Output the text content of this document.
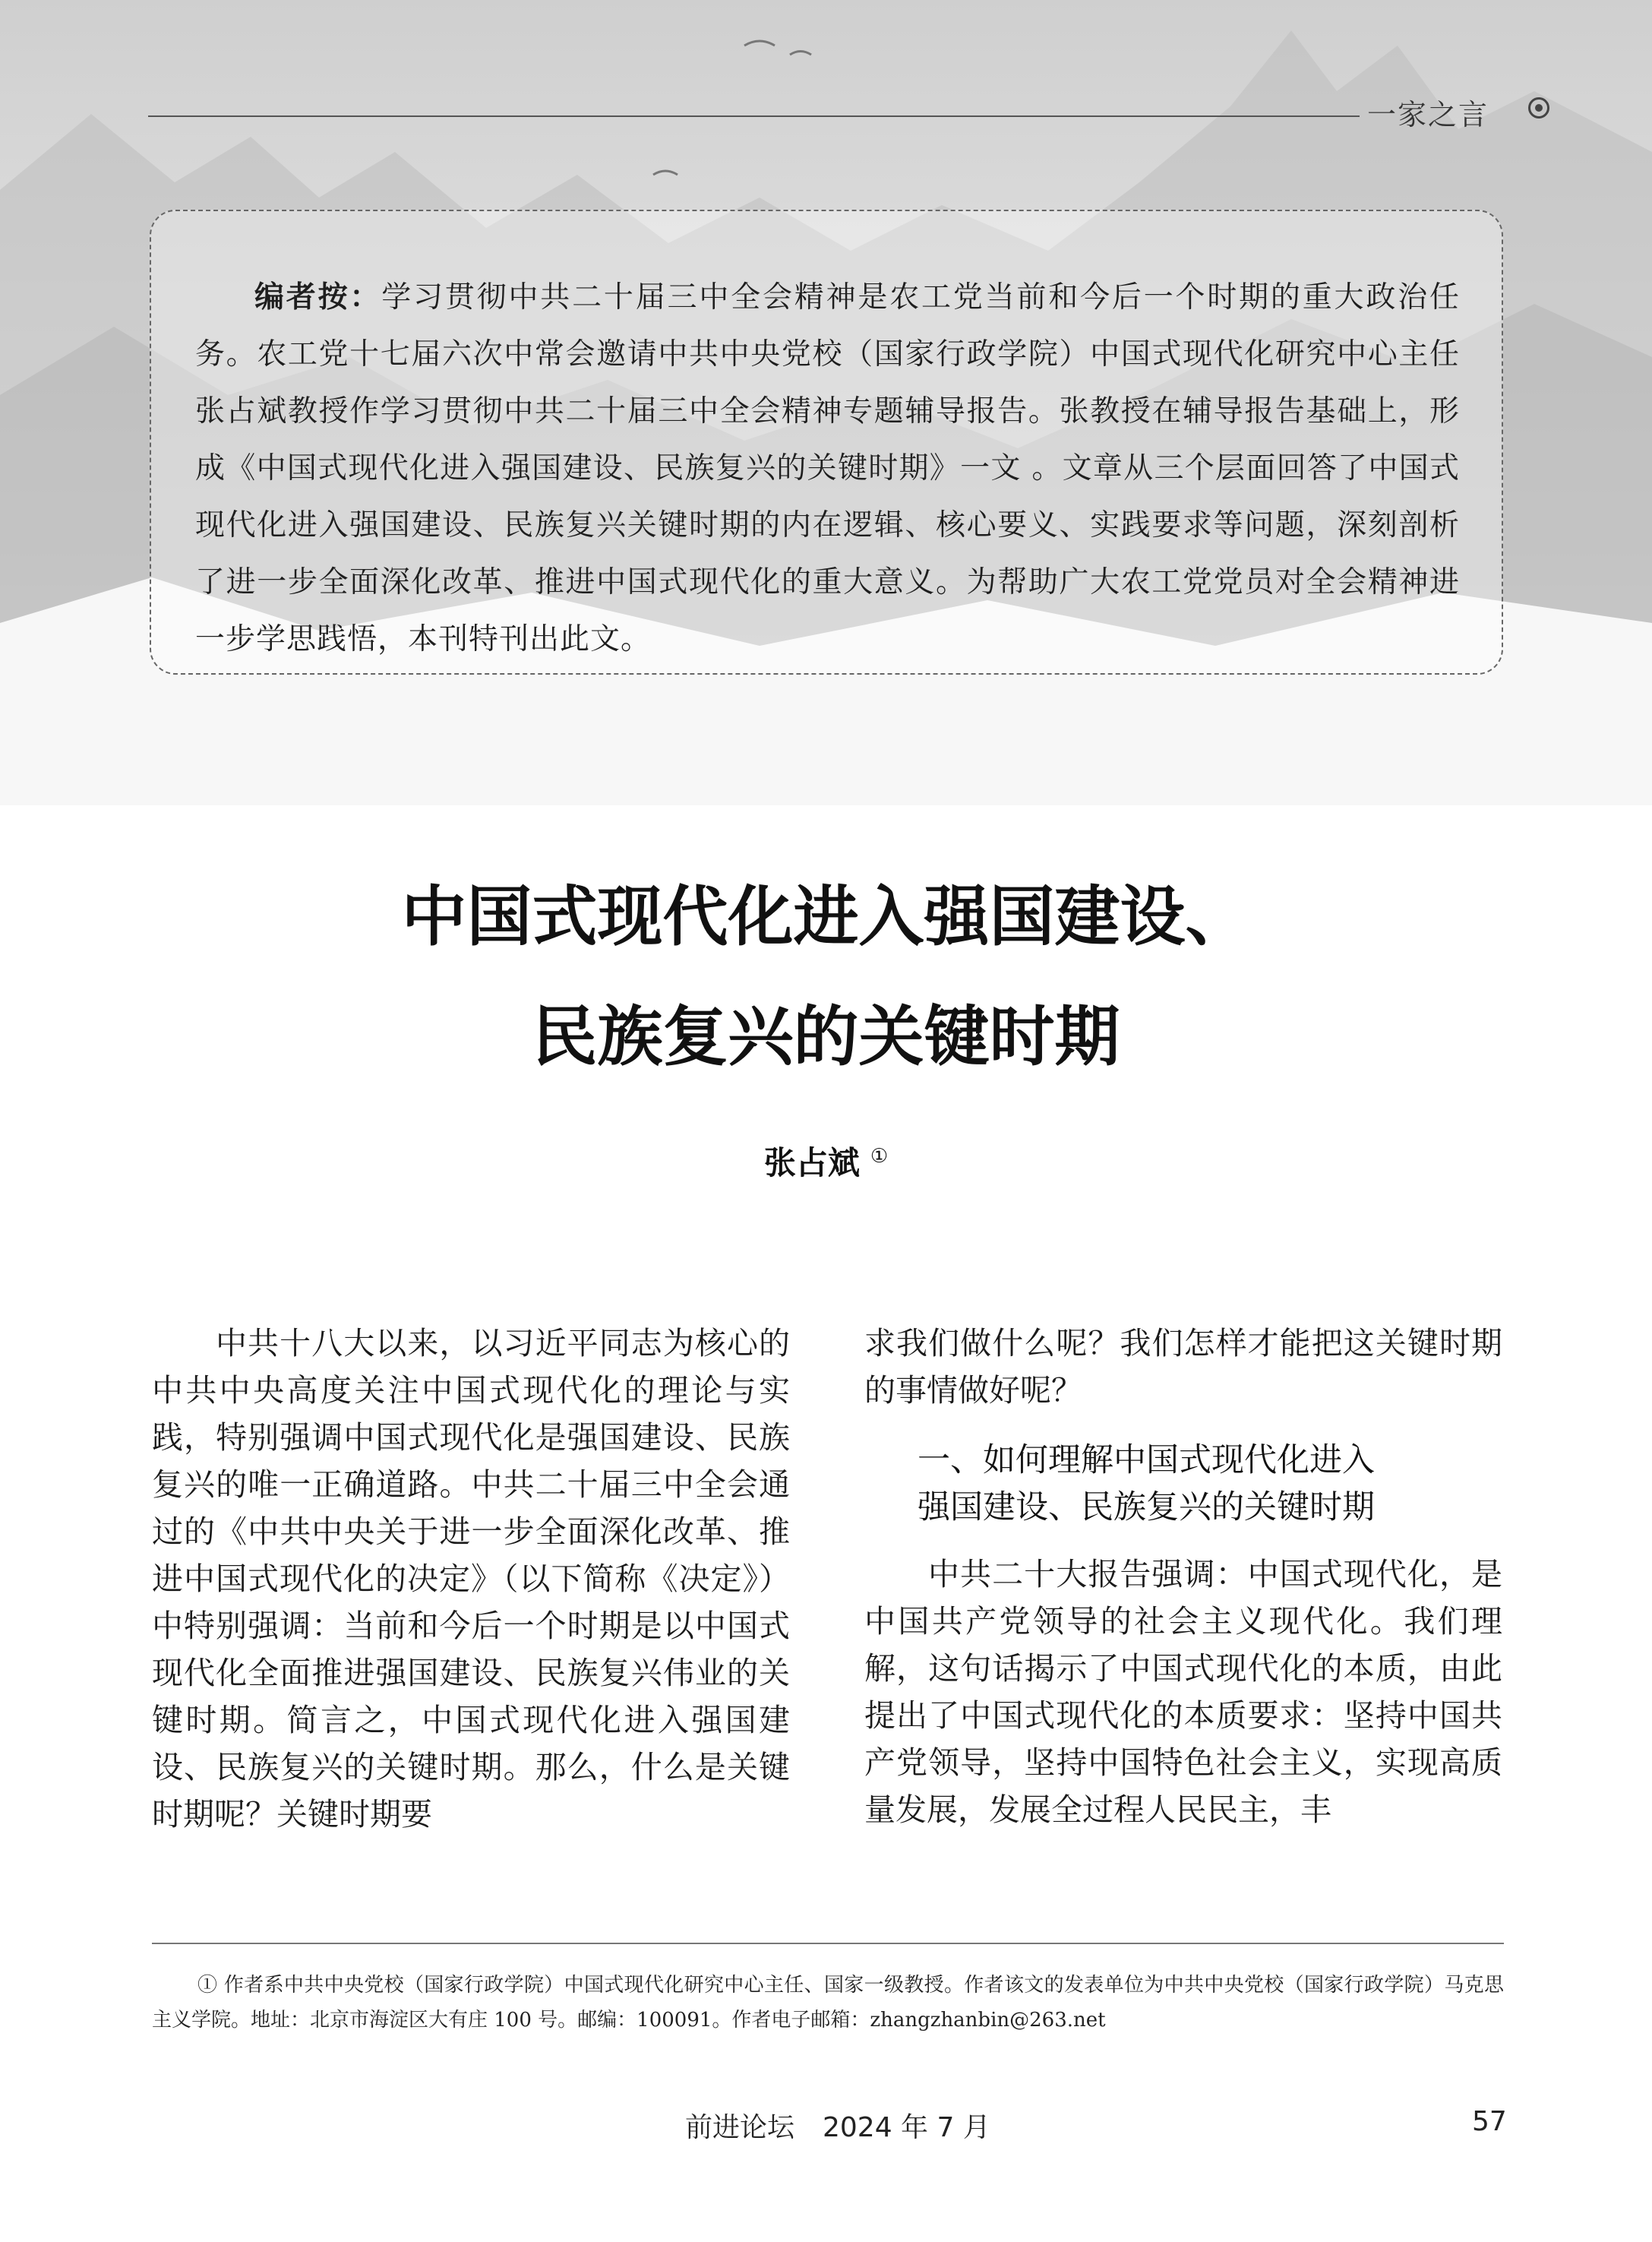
一家之言
编者按：学习贯彻中共二十届三中全会精神是农工党当前和今后一个时期的重大政治任务。农工党十七届六次中常会邀请中共中央党校（国家行政学院）中国式现代化研究中心主任张占斌教授作学习贯彻中共二十届三中全会精神专题辅导报告。张教授在辅导报告基础上，形成《中国式现代化进入强国建设、民族复兴的关键时期》一文 。文章从三个层面回答了中国式现代化进入强国建设、民族复兴关键时期的内在逻辑、核心要义、实践要求等问题，深刻剖析了进一步全面深化改革、推进中国式现代化的重大意义。为帮助广大农工党党员对全会精神进一步学思践悟，本刊特刊出此文。
中国式现代化进入强国建设、
民族复兴的关键时期
张占斌 ①

中共十八大以来，以习近平同志为核心的中共中央高度关注中国式现代化的理论与实践，特别强调中国式现代化是强国建设、民族复兴的唯一正确道路。中共二十届三中全会通过的《中共中央关于进一步全面深化改革、推进中国式现代化的决定》（以下简称《决定》）中特别强调：当前和今后一个时期是以中国式现代化全面推进强国建设、民族复兴伟业的关键时期。简言之，中国式现代化进入强国建设、民族复兴的关键时期。那么，什么是关键时期呢？关键时期要

求我们做什么呢？我们怎样才能把这关键时期的事情做好呢？

一、如何理解中国式现代化进入
强国建设、民族复兴的关键时期

中共二十大报告强调：中国式现代化，是中国共产党领导的社会主义现代化。我们理解，这句话揭示了中国式现代化的本质，由此提出了中国式现代化的本质要求：坚持中国共产党领导，坚持中国特色社会主义，实现高质量发展，发展全过程人民民主，丰

① 作者系中共中央党校（国家行政学院）中国式现代化研究中心主任、国家一级教授。作者该文的发表单位为中共中央党校（国家行政学院）马克思主义学院。地址：北京市海淀区大有庄 100 号。邮编：100091。作者电子邮箱：zhangzhanbin@263.net
前进论坛 2024 年 7 月	57
